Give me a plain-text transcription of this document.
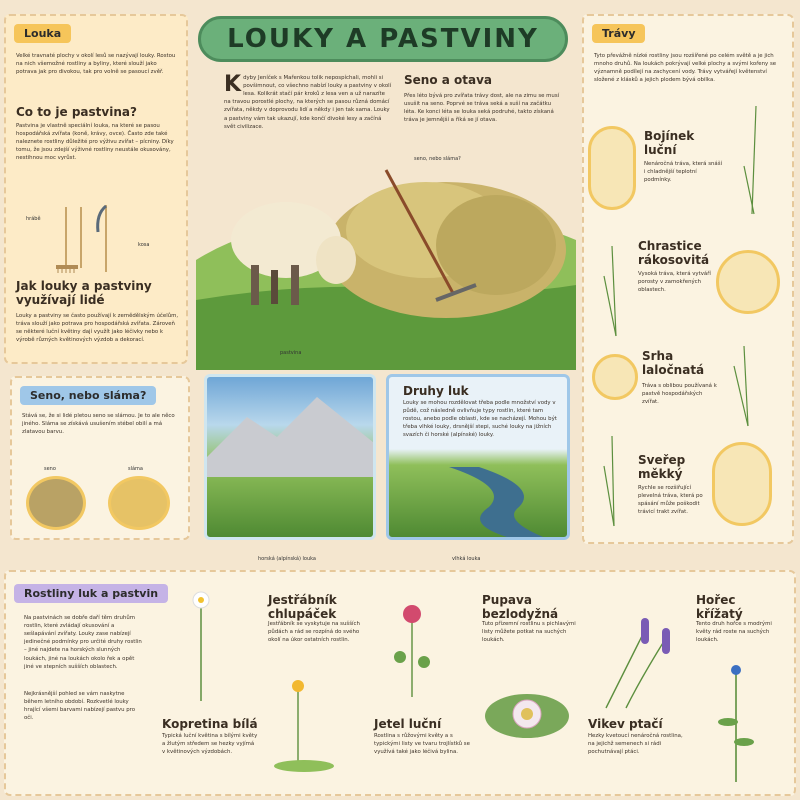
Louka

Velké travnaté plochy v okolí lesů se nazývají louky. Rostou na nich všemožné rostliny a byliny, které slouží jako potrava jak pro divokou, tak pro volně se pasoucí zvěř.

Co to je pastvina?

Pastvina je vlastně speciální louka, na které se pasou hospodářská zvířata (koně, krávy, ovce). Často zde také naleznete rostliny důležité pro výživu zvířat – pícniny. Díky tomu, že jsou zdejší výživné rostliny neustále okusovány, nestihnou moc vyrůst.

hrábě
kosa

Jak louky a pastviny využívají lidé

Louky a pastviny se často používají k zemědělským účelům, tráva slouží jako potrava pro hospodářská zvířata. Zároveň se některé luční květiny dají využít jako léčivky nebo k výrobě různých květinových výzdob a dekorací.

LOUKY A PASTVINY
K dyby Jeníček s Mařenkou tolik nepospíchali, mohli si povšimnout, co všechno nabízí louky a pastviny v okolí lesa. Kolikrát stačí pár kroků z lesa ven a už narazíte na travou porostlé plochy, na kterých se pasou různá domácí zvířata, někdy v doprovodu lidí a někdy i jen tak sama. Louky a pastviny vám tak ukazují, kde končí divoké lesy a začíná svět civilizace.

Seno a otava

Přes léto bývá pro zvířata trávy dost, ale na zimu se musí usušit na seno. Poprvé se tráva seká a suší na začátku léta. Ke konci léta se louka seká podruhé, takto získaná tráva je jemnější a říká se jí otava.

seno, nebo sláma?
pastvina
Trávy

Tyto převážně nízké rostliny jsou rozšířené po celém světě a je jich mnoho druhů. Na loukách pokrývají velké plochy a svými kořeny se významně podílejí na zachycení vody. Trávy vytvářejí květenství složené z klásků a jejich plodem bývá obilka.

Bojínek luční

Nenáročná tráva, která snáší i chladnější teplotní podmínky.

Chrastice rákosovitá

Vysoká tráva, která vytváří porosty v zamokřených oblastech.

Srha laločnatá

Tráva s oblibou používaná k pastvě hospodářských zvířat.

Sveřep měkký

Rychle se rozšiřující plevelná tráva, která po spásání může poškodit trávicí trakt zvířat.

Seno, nebo sláma?

Stává se, že si lidé pletou seno se slámou. Je to ale něco jiného. Sláma se získává usušením stébel obilí a má zlatavou barvu.

seno	sláma
horská (alpínská) louka

Druhy luk

Louky se mohou rozdělovat třeba podle množství vody v půdě, což následně ovlivňuje typy rostlin, které tam rostou, anebo podle oblasti, kde se nacházejí. Mohou být třeba vlhké louky, drsnější stepi, suché louky na jižních svazích či horské (alpínské) louky.

vlhká louka
Rostliny luk a pastvin

Na pastvinách se dobře daří těm druhům rostlin, které zvládají okusování a sešlapávání zvířaty. Louky zase nabízejí jedinečné podmínky pro určité druhy rostlin – jiné najdete na horských slunných loukách, jiné na loukách okolo řek a opět jiné ve stepních sušších oblastech.

Nejkrásnější pohled se vám naskytne během letního období. Rozkvetlé louky hrající všemi barvami nabízejí pastvu pro oči.	Kopretina bílá

Typická luční květina s bílými květy a žlutým středem se hezky vyjímá v květinových výzdobách.

Jestřábník chlupáček

Jestřábník se vyskytuje na sušších půdách a rád se rozpíná do svého okolí na úkor ostatních rostlin.

Jetel luční

Rostlina s růžovými květy a s typickými listy ve tvaru trojlístků se využívá také jako léčivá bylina.

Pupava bezlodyžná

Tuto přízemní rostlinu s pichlavými listy můžete potkat na suchých loukách.

Vikev ptačí

Hezky kvetoucí nenáročná rostlina, na jejichž semenech si rádi pochutnávají ptáci.

Hořec křížatý

Tento druh hořce s modrými květy rád roste na suchých loukách.
